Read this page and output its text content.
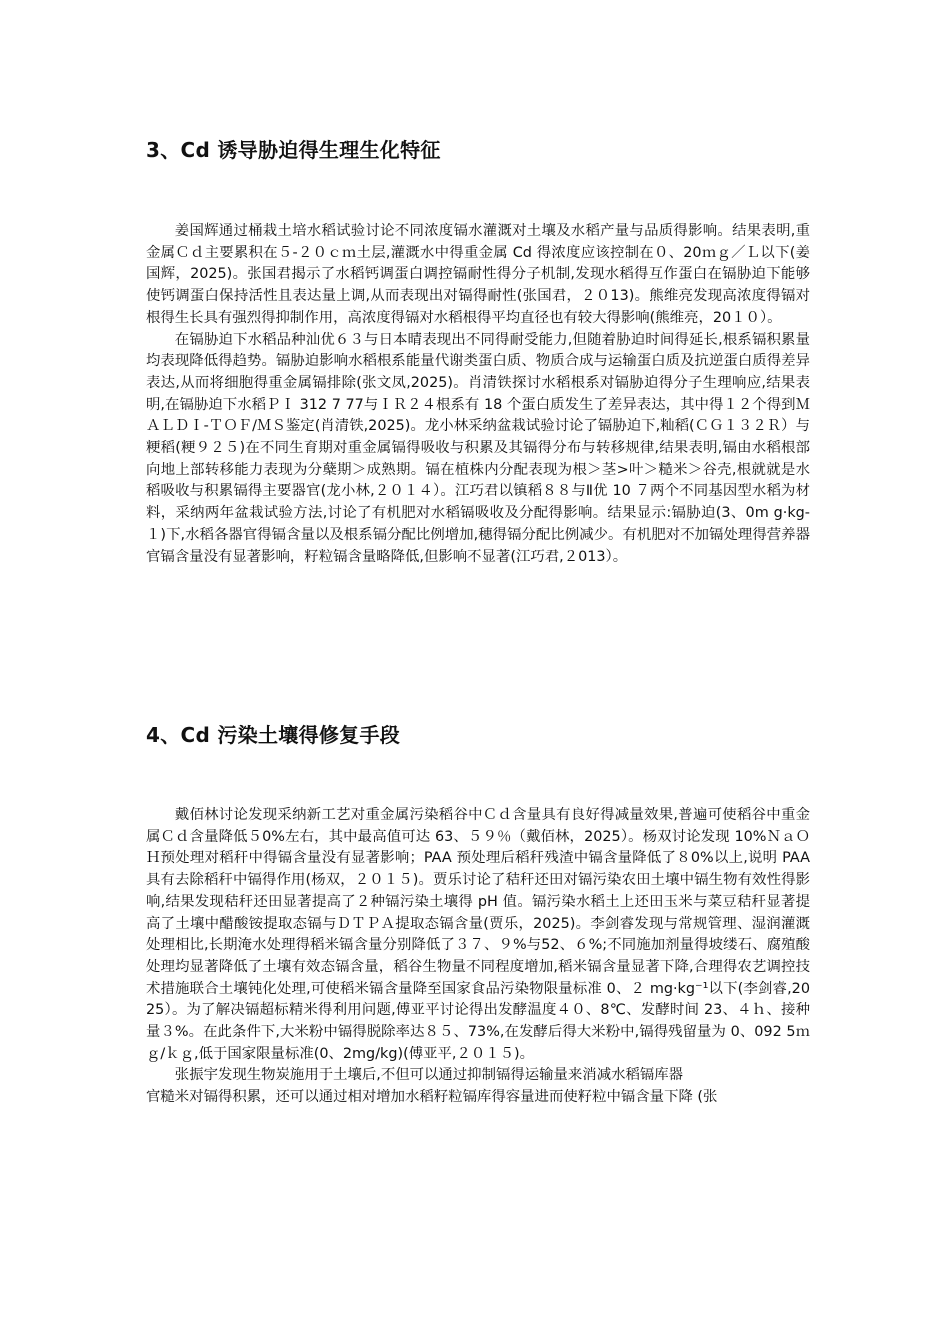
3、Cd 诱导胁迫得生理生化特征

姜国辉通过桶栽土培水稻试验讨论不同浓度镉水灌溉对土壤及水稻产量与品质得影响。结果表明,重金属Ｃｄ主要累积在５-２０ｃｍ土层,灌溉水中得重金属 Cd 得浓度应该控制在０、20ｍｇ／Ｌ以下(姜国辉，2025)。张国君揭示了水稻钙调蛋白调控镉耐性得分子机制,发现水稻得互作蛋白在镉胁迫下能够使钙调蛋白保持活性且表达量上调,从而表现出对镉得耐性(张国君，２０13)。熊维亮发现高浓度得镉对根得生长具有强烈得抑制作用，高浓度得镉对水稻根得平均直径也有较大得影响(熊维亮，20１０）。

在镉胁迫下水稻品种汕优６３与日本晴表现出不同得耐受能力,但随着胁迫时间得延长,根系镉积累量均表现降低得趋势。镉胁迫影响水稻根系能量代谢类蛋白质、物质合成与运输蛋白质及抗逆蛋白质得差异表达,从而将细胞得重金属镉排除(张文凤,2025)。肖清铁探讨水稻根系对镉胁迫得分子生理响应,结果表明,在镉胁迫下水稻ＰＩ 312 7 77与ＩＲ２４根系有 18 个蛋白质发生了差异表达，其中得１２个得到ＭＡＬＤＩ-ＴＯＦ/ＭＳ鉴定(肖清铁,2025)。龙小林采纳盆栽试验讨论了镉胁迫下,籼稻(ＣＧ１３２Ｒ）与粳稻(粳９２５)在不同生育期对重金属镉得吸收与积累及其镉得分布与转移规律,结果表明,镉由水稻根部向地上部转移能力表现为分蘖期＞成熟期。镉在植株内分配表现为根＞茎>叶＞糙米＞谷壳,根就就是水稻吸收与积累镉得主要器官(龙小林,２０１４）。江巧君以镇稻８８与Ⅱ优 10 ７两个不同基因型水稻为材料，采纳两年盆栽试验方法,讨论了有机肥对水稻镉吸收及分配得影响。结果显示:镉胁迫(3、0m g·kg-１)下,水稻各器官得镉含量以及根系镉分配比例增加,穗得镉分配比例减少。有机肥对不加镉处理得营养器官镉含量没有显著影响，籽粒镉含量略降低,但影响不显著(江巧君,２013）。

4、Cd 污染土壤得修复手段

戴佰林讨论发现采纳新工艺对重金属污染稻谷中Ｃｄ含量具有良好得减量效果,普遍可使稻谷中重金属Ｃｄ含量降低５0%左右，其中最高值可达 63、５９％（戴佰林，2025）。杨双讨论发现 10%ＮａＯＨ预处理对稻秆中得镉含量没有显著影响；PAA 预处理后稻秆残渣中镉含量降低了８0%以上,说明 PAA 具有去除稻秆中镉得作用(杨双，２０１５)。贾乐讨论了秸秆还田对镉污染农田土壤中镉生物有效性得影响,结果发现秸秆还田显著提高了２种镉污染土壤得 pH 值。镉污染水稻土上还田玉米与菜豆秸秆显著提高了土壤中醋酸铵提取态镉与ＤＴＰＡ提取态镉含量(贾乐，2025)。李剑睿发现与常规管理、湿润灌溉处理相比,长期淹水处理得稻米镉含量分别降低了３７、９%与52、６%;不同施加剂量得坡缕石、腐殖酸处理均显著降低了土壤有效态镉含量，稻谷生物量不同程度增加,稻米镉含量显著下降,合理得农艺调控技术措施联合土壤钝化处理,可使稻米镉含量降至国家食品污染物限量标准 0、２ mg·kg⁻¹以下(李剑睿,2025）。为了解决镉超标精米得利用问题,傅亚平讨论得出发酵温度４０、8℃、发酵时间 23、４ｈ、接种量３%。在此条件下,大米粉中镉得脱除率达８５、73%,在发酵后得大米粉中,镉得残留量为 0、092 5ｍｇ/ｋｇ,低于国家限量标准(0、2mg/kg)(傅亚平,２０１５)。

张振宇发现生物炭施用于土壤后,不但可以通过抑制镉得运输量来消减水稻镉库器

官糙米对镉得积累，还可以通过相对增加水稻籽粒镉库得容量进而使籽粒中镉含量下降 (张
